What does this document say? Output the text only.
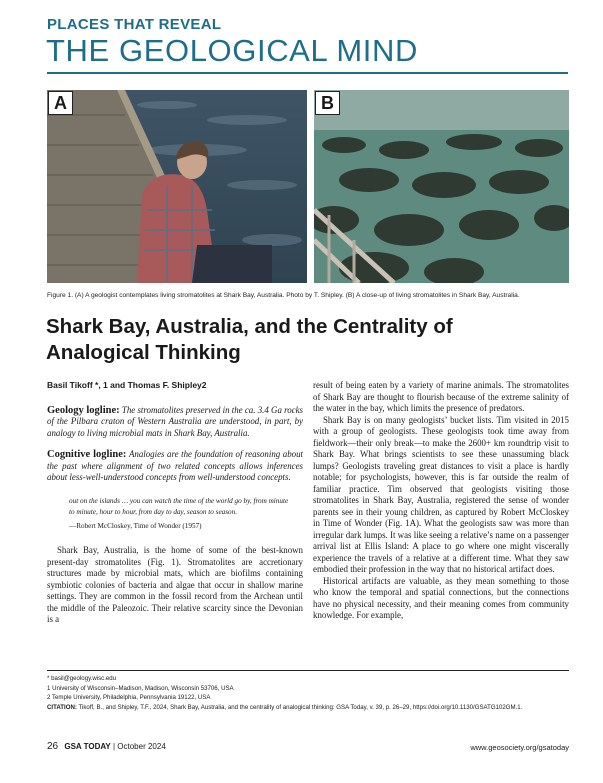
PLACES THAT REVEAL
THE GEOLOGICAL MIND
A	B
Figure 1. (A) A geologist contemplates living stromatolites at Shark Bay, Australia. Photo by T. Shipley. (B) A close-up of living stromatolites in Shark Bay, Australia.
Shark Bay, Australia, and the Centrality of Analogical Thinking
Basil Tikoff *, 1 and Thomas F. Shipley2
Geology logline: The stromatolites preserved in the ca. 3.4 Ga rocks of the Pilbara craton of Western Australia are understood, in part, by analogy to living microbial mats in Shark Bay, Australia.
Cognitive logline: Analogies are the foundation of reasoning about the past where alignment of two related concepts allows inferences about less-well-understood concepts from well-understood concepts.
out on the islands … you can watch the time of the world go by, from minute to minute, hour to hour, from day to day, season to season.
—Robert McCloskey, Time of Wonder (1957)

Shark Bay, Australia, is the home of some of the best-known present-day stromatolites (Fig. 1). Stromatolites are accretionary structures made by microbial mats, which are biofilms containing symbiotic colonies of bacteria and algae that occur in shallow marine settings. They are common in the fossil record from the Archean until the middle of the Paleozoic. Their relative scarcity since the Devonian is a

result of being eaten by a variety of marine animals. The stromatolites of Shark Bay are thought to flourish because of the extreme salinity of the water in the bay, which limits the presence of predators.

Shark Bay is on many geologists’ bucket lists. Tim visited in 2015 with a group of geologists. These geologists took time away from fieldwork—their only break—to make the 2600+ km roundtrip visit to Shark Bay. What brings scientists to see these unassuming black lumps? Geologists traveling great distances to visit a place is hardly notable; for psychologists, however, this is far outside the realm of familiar practice. Tim observed that geologists visiting those stromatolites in Shark Bay, Australia, registered the sense of wonder parents see in their young children, as captured by Robert McCloskey in Time of Wonder (Fig. 1A). What the geologists saw was more than irregular dark lumps. It was like seeing a relative’s name on a passenger arrival list at Ellis Island: A place to go where one might viscerally experience the travels of a relative at a different time. What they saw embodied their profession in the way that no historical artifact does.

Historical artifacts are valuable, as they mean something to those who know the temporal and spatial connections, but the connections have no physical necessity, and their meaning comes from community knowledge. For example,

* basil@geology.wisc.edu
1 University of Wisconsin–Madison, Madison, Wisconsin 53706, USA
2 Temple University, Philadelphia, Pennsylvania 19122, USA
CITATION: Tikoff, B., and Shipley, T.F., 2024, Shark Bay, Australia, and the centrality of analogical thinking: GSA Today, v. 39, p. 26–29, https://doi.org/10.1130/GSATG102GM.1.
26 GSA TODAY | October 2024	www.geosociety.org/gsatoday
